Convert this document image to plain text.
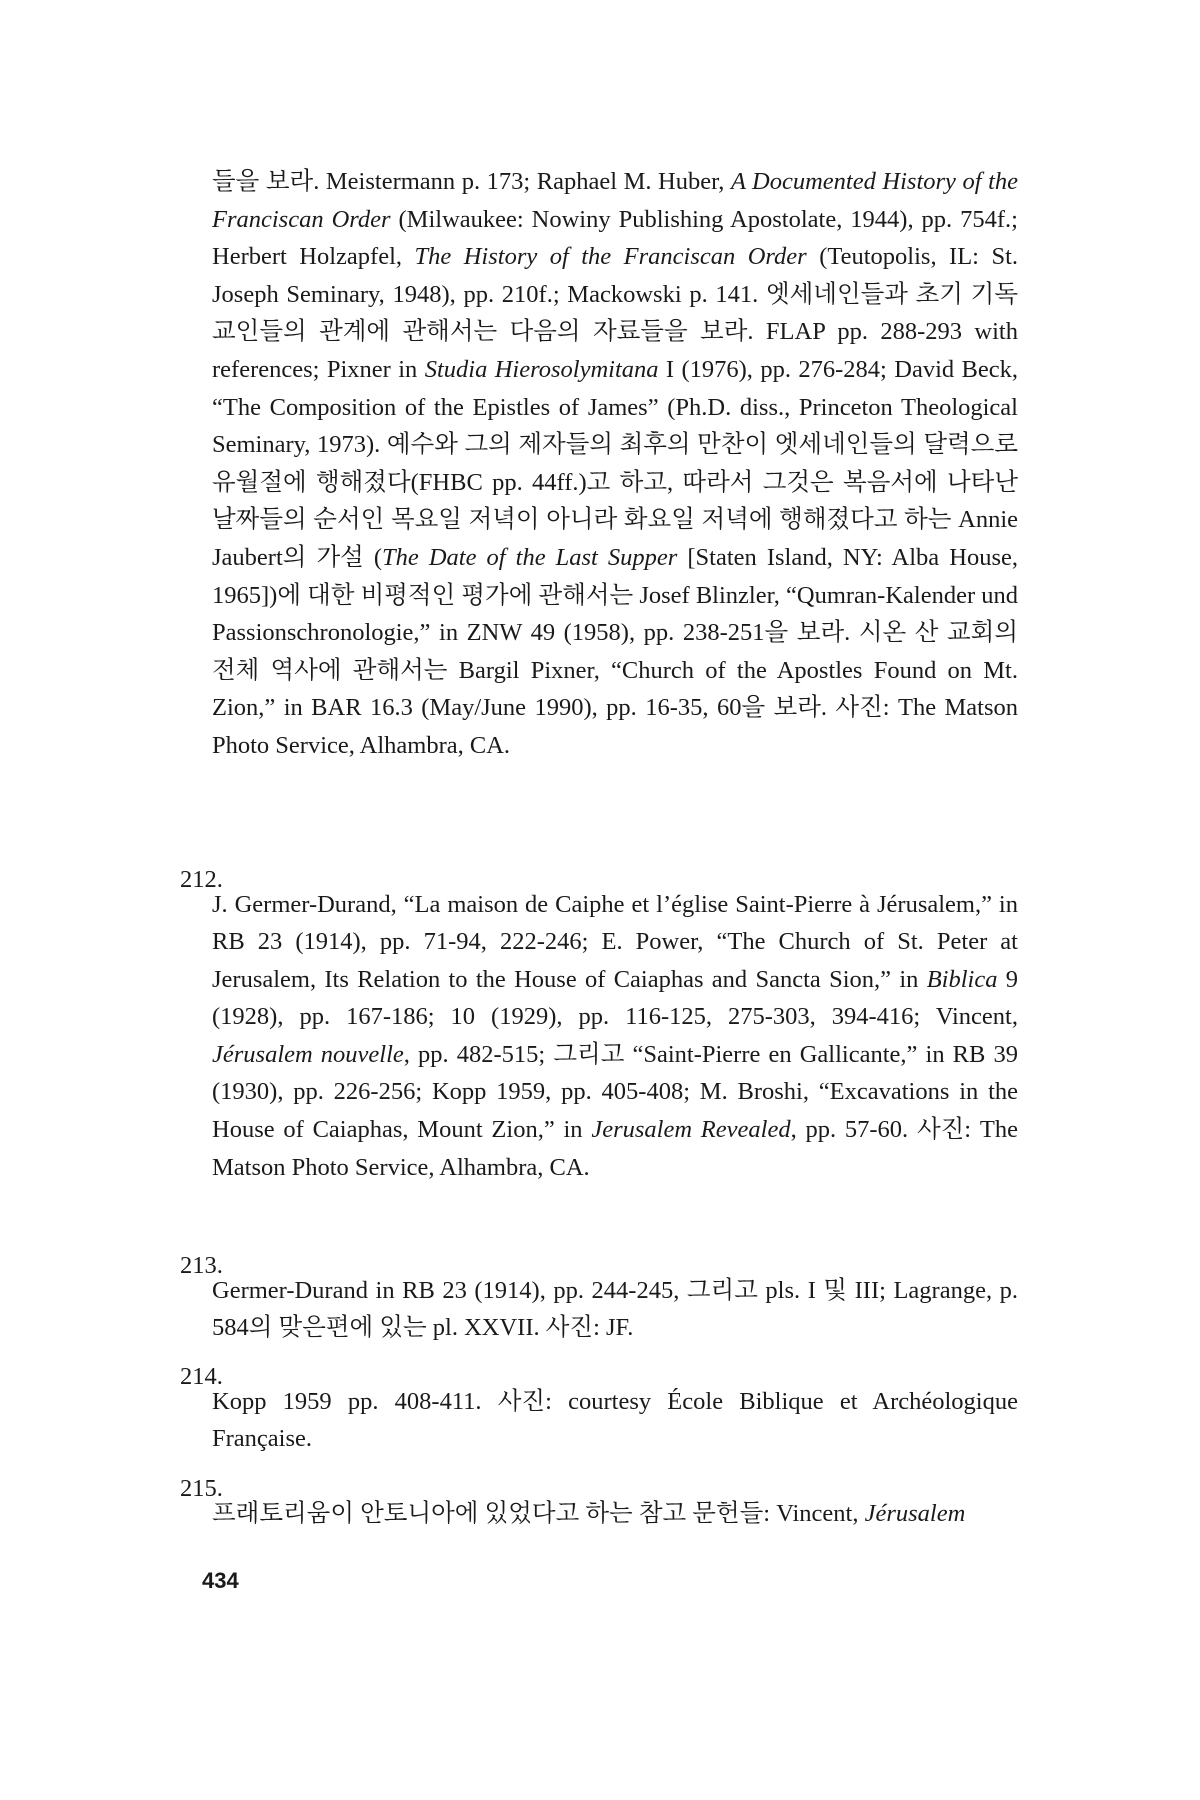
들을 보라. Meistermann p. 173; Raphael M. Huber, A Documented History of the Franciscan Order (Milwaukee: Nowiny Publishing Apostolate, 1944), pp. 754f.; Herbert Holzapfel, The History of the Franciscan Order (Teutopolis, IL: St. Joseph Seminary, 1948), pp. 210f.; Mackowski p. 141. 엣세네인들과 초기 기독교인들의 관계에 관해서는 다음의 자료들을 보라. FLAP pp. 288-293 with references; Pixner in Studia Hierosolymitana I (1976), pp. 276-284; David Beck, “The Composition of the Epistles of James” (Ph.D. diss., Princeton Theological Seminary, 1973). 예수와 그의 제자들의 최후의 만찬이 엣세네인들의 달력으로 유월절에 행해졌다(FHBC pp. 44ff.)고 하고, 따라서 그것은 복음서에 나타난 날짜들의 순서인 목요일 저녁이 아니라 화요일 저녁에 행해졌다고 하는 Annie Jaubert의 가설 (The Date of the Last Supper [Staten Island, NY: Alba House, 1965])에 대한 비평적인 평가에 관해서는 Josef Blinzler, “Qumran-Kalender und Passionschronologie,” in ZNW 49 (1958), pp. 238-251을 보라. 시온 산 교회의 전체 역사에 관해서는 Bargil Pixner, “Church of the Apostles Found on Mt. Zion,” in BAR 16.3 (May/June 1990), pp. 16-35, 60을 보라. 사진: The Matson Photo Service, Alhambra, CA.

212.

J. Germer-Durand, “La maison de Caiphe et l’église Saint-Pierre à Jérusalem,” in RB 23 (1914), pp. 71-94, 222-246; E. Power, “The Church of St. Peter at Jerusalem, Its Relation to the House of Caiaphas and Sancta Sion,” in Biblica 9 (1928), pp. 167-186; 10 (1929), pp. 116-125, 275-303, 394-416; Vincent, Jérusalem nouvelle, pp. 482-515; 그리고 “Saint-Pierre en Gallicante,” in RB 39 (1930), pp. 226-256; Kopp 1959, pp. 405-408; M. Broshi, “Excavations in the House of Caiaphas, Mount Zion,” in Jerusalem Revealed, pp. 57-60. 사진: The Matson Photo Service, Alhambra, CA.

213.

Germer-Durand in RB 23 (1914), pp. 244-245, 그리고 pls. I 및 III; Lagrange, p. 584의 맞은편에 있는 pl. XXVII. 사진: JF.

214.

Kopp 1959 pp. 408-411. 사진: courtesy École Biblique et Archéologique Française.

215.

프래토리움이 안토니아에 있었다고 하는 참고 문헌들: Vincent, Jérusalem

434
